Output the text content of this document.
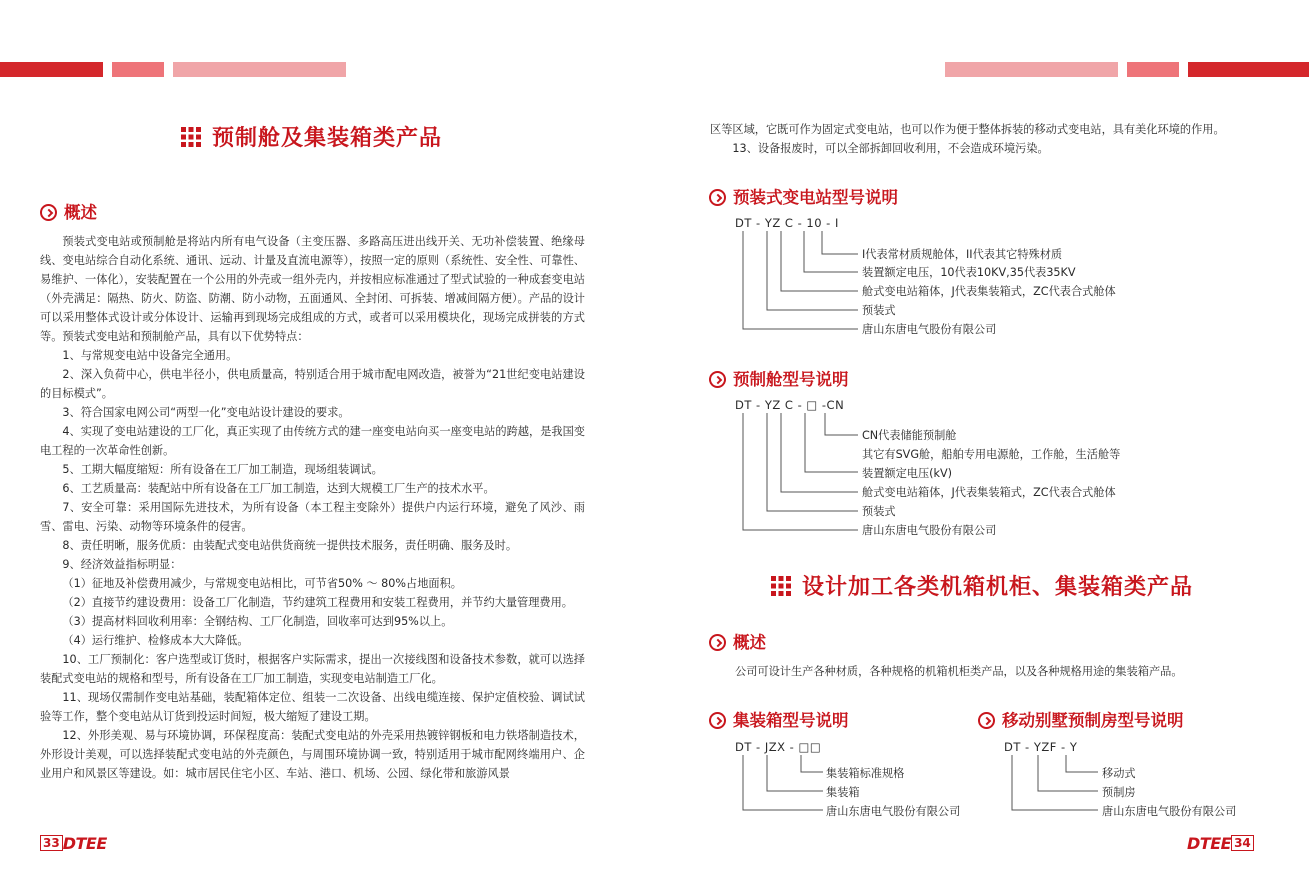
预制舱及集装箱类产品
概述

预装式变电站或预制舱是将站内所有电气设备（主变压器、多路高压进出线开关、无功补偿装置、绝缘母线、变电站综合自动化系统、通讯、远动、计量及直流电源等），按照一定的原则（系统性、安全性、可靠性、易维护、一体化），安装配置在一个公用的外壳或一组外壳内，并按相应标准通过了型式试验的一种成套变电站（外壳满足：隔热、防火、防盗、防潮、防小动物，五面通风、全封闭、可拆装、增减间隔方便）。产品的设计可以采用整体式设计或分体设计、运输再到现场完成组成的方式，或者可以采用模块化，现场完成拼装的方式等。预装式变电站和预制舱产品，具有以下优势特点：

1、与常规变电站中设备完全通用。

2、深入负荷中心，供电半径小，供电质量高，特别适合用于城市配电网改造，被誉为“21世纪变电站建设的目标模式”。

3、符合国家电网公司“两型一化”变电站设计建设的要求。

4、实现了变电站建设的工厂化，真正实现了由传统方式的建一座变电站向买一座变电站的跨越，是我国变电工程的一次革命性创新。

5、工期大幅度缩短：所有设备在工厂加工制造，现场组装调试。

6、工艺质量高：装配站中所有设备在工厂加工制造，达到大规模工厂生产的技术水平。

7、安全可靠：采用国际先进技术，为所有设备（本工程主变除外）提供户内运行环境，避免了风沙、雨雪、雷电、污染、动物等环境条件的侵害。

8、责任明晰，服务优质：由装配式变电站供货商统一提供技术服务，责任明确、服务及时。

9、经济效益指标明显：

（1）征地及补偿费用减少，与常规变电站相比，可节省50% ～ 80%占地面积。

（2）直接节约建设费用：设备工厂化制造，节约建筑工程费用和安装工程费用，并节约大量管理费用。

（3）提高材料回收利用率：全钢结构、工厂化制造，回收率可达到95%以上。

（4）运行维护、检修成本大大降低。

10、工厂预制化：客户选型或订货时，根据客户实际需求，提出一次接线图和设备技术参数，就可以选择装配式变电站的规格和型号，所有设备在工厂加工制造，实现变电站制造工厂化。

11、现场仅需制作变电站基础，装配箱体定位、组装一二次设备、出线电缆连接、保护定值校验、调试试验等工作，整个变电站从订货到投运时间短，极大缩短了建设工期。

12、外形美观、易与环境协调，环保程度高：装配式变电站的外壳采用热镀锌钢板和电力铁塔制造技术，外形设计美观，可以选择装配式变电站的外壳颜色，与周围环境协调一致，特别适用于城市配网终端用户、企业用户和风景区等建设。如：城市居民住宅小区、车站、港口、机场、公园、绿化带和旅游风景

33 DTEE

区等区域，它既可作为固定式变电站，也可以作为便于整体拆装的移动式变电站，具有美化环境的作用。

13、设备报废时，可以全部拆卸回收利用，不会造成环境污染。

预装式变电站型号说明
DT - YZ C - 10 - I
I代表常材质规舱体，II代表其它特殊材质
装置额定电压，10代表10KV,35代表35KV
舱式变电站箱体，J代表集装箱式，ZC代表合式舱体
预装式
唐山东唐电气股份有限公司
预制舱型号说明
DT - YZ C - □ -CN
CN代表储能预制舱
其它有SVG舱，船舶专用电源舱，工作舱，生活舱等
装置额定电压(kV)
舱式变电站箱体，J代表集装箱式，ZC代表合式舱体
预装式
唐山东唐电气股份有限公司
设计加工各类机箱机柜、集装箱类产品
概述

公司可设计生产各种材质，各种规格的机箱机柜类产品，以及各种规格用途的集装箱产品。

集装箱型号说明
DT - JZX - □□
集装箱标准规格
集装箱
唐山东唐电气股份有限公司
移动别墅预制房型号说明
DT - YZF - Y
移动式
预制房
唐山东唐电气股份有限公司
DTEE 34
